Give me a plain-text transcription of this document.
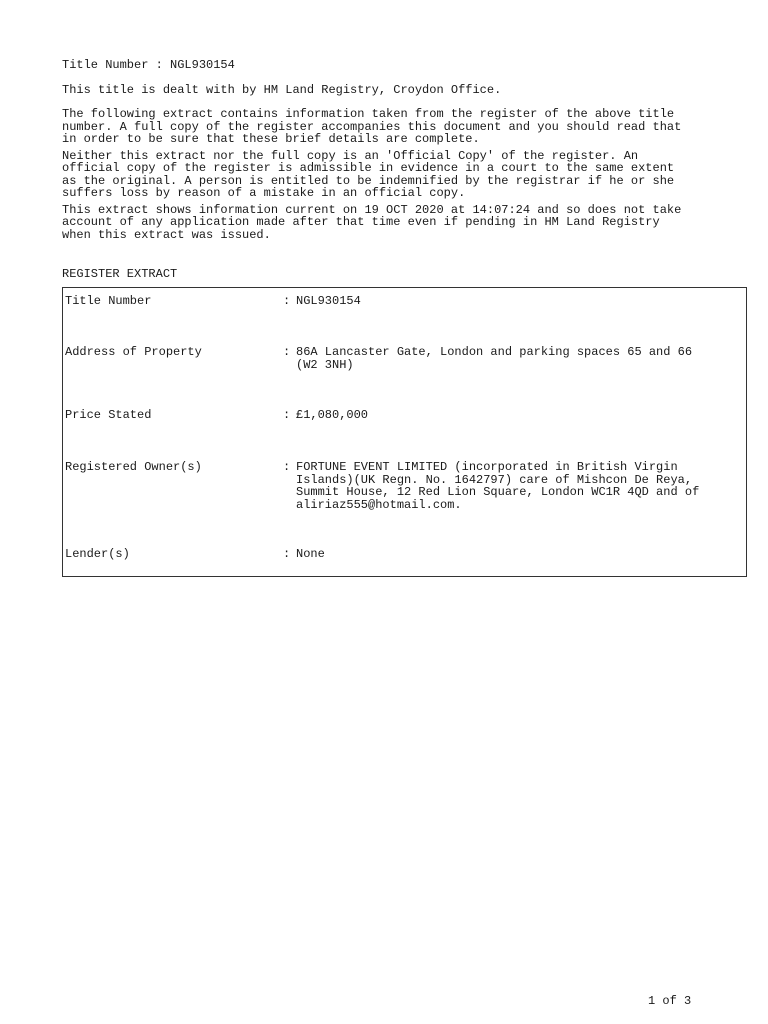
Title Number : NGL930154

This title is dealt with by HM Land Registry, Croydon Office.

The following extract contains information taken from the register of the above title
number. A full copy of the register accompanies this document and you should read that
in order to be sure that these brief details are complete.

Neither this extract nor the full copy is an 'Official Copy' of the register. An
official copy of the register is admissible in evidence in a court to the same extent
as the original. A person is entitled to be indemnified by the registrar if he or she
suffers loss by reason of a mistake in an official copy.

This extract shows information current on 19 OCT 2020 at 14:07:24 and so does not take
account of any application made after that time even if pending in HM Land Registry
when this extract was issued.

REGISTER EXTRACT
Title Number	: NGL930154
Address of Property	: 86A Lancaster Gate, London and parking spaces 65 and 66
(W2 3NH)
Price Stated	: £1,080,000
Registered Owner(s)	: FORTUNE EVENT LIMITED (incorporated in British Virgin
Islands)(UK Regn. No. 1642797) care of Mishcon De Reya,
Summit House, 12 Red Lion Square, London WC1R 4QD and of
aliriaz555@hotmail.com.
Lender(s)	: None
1 of 3
